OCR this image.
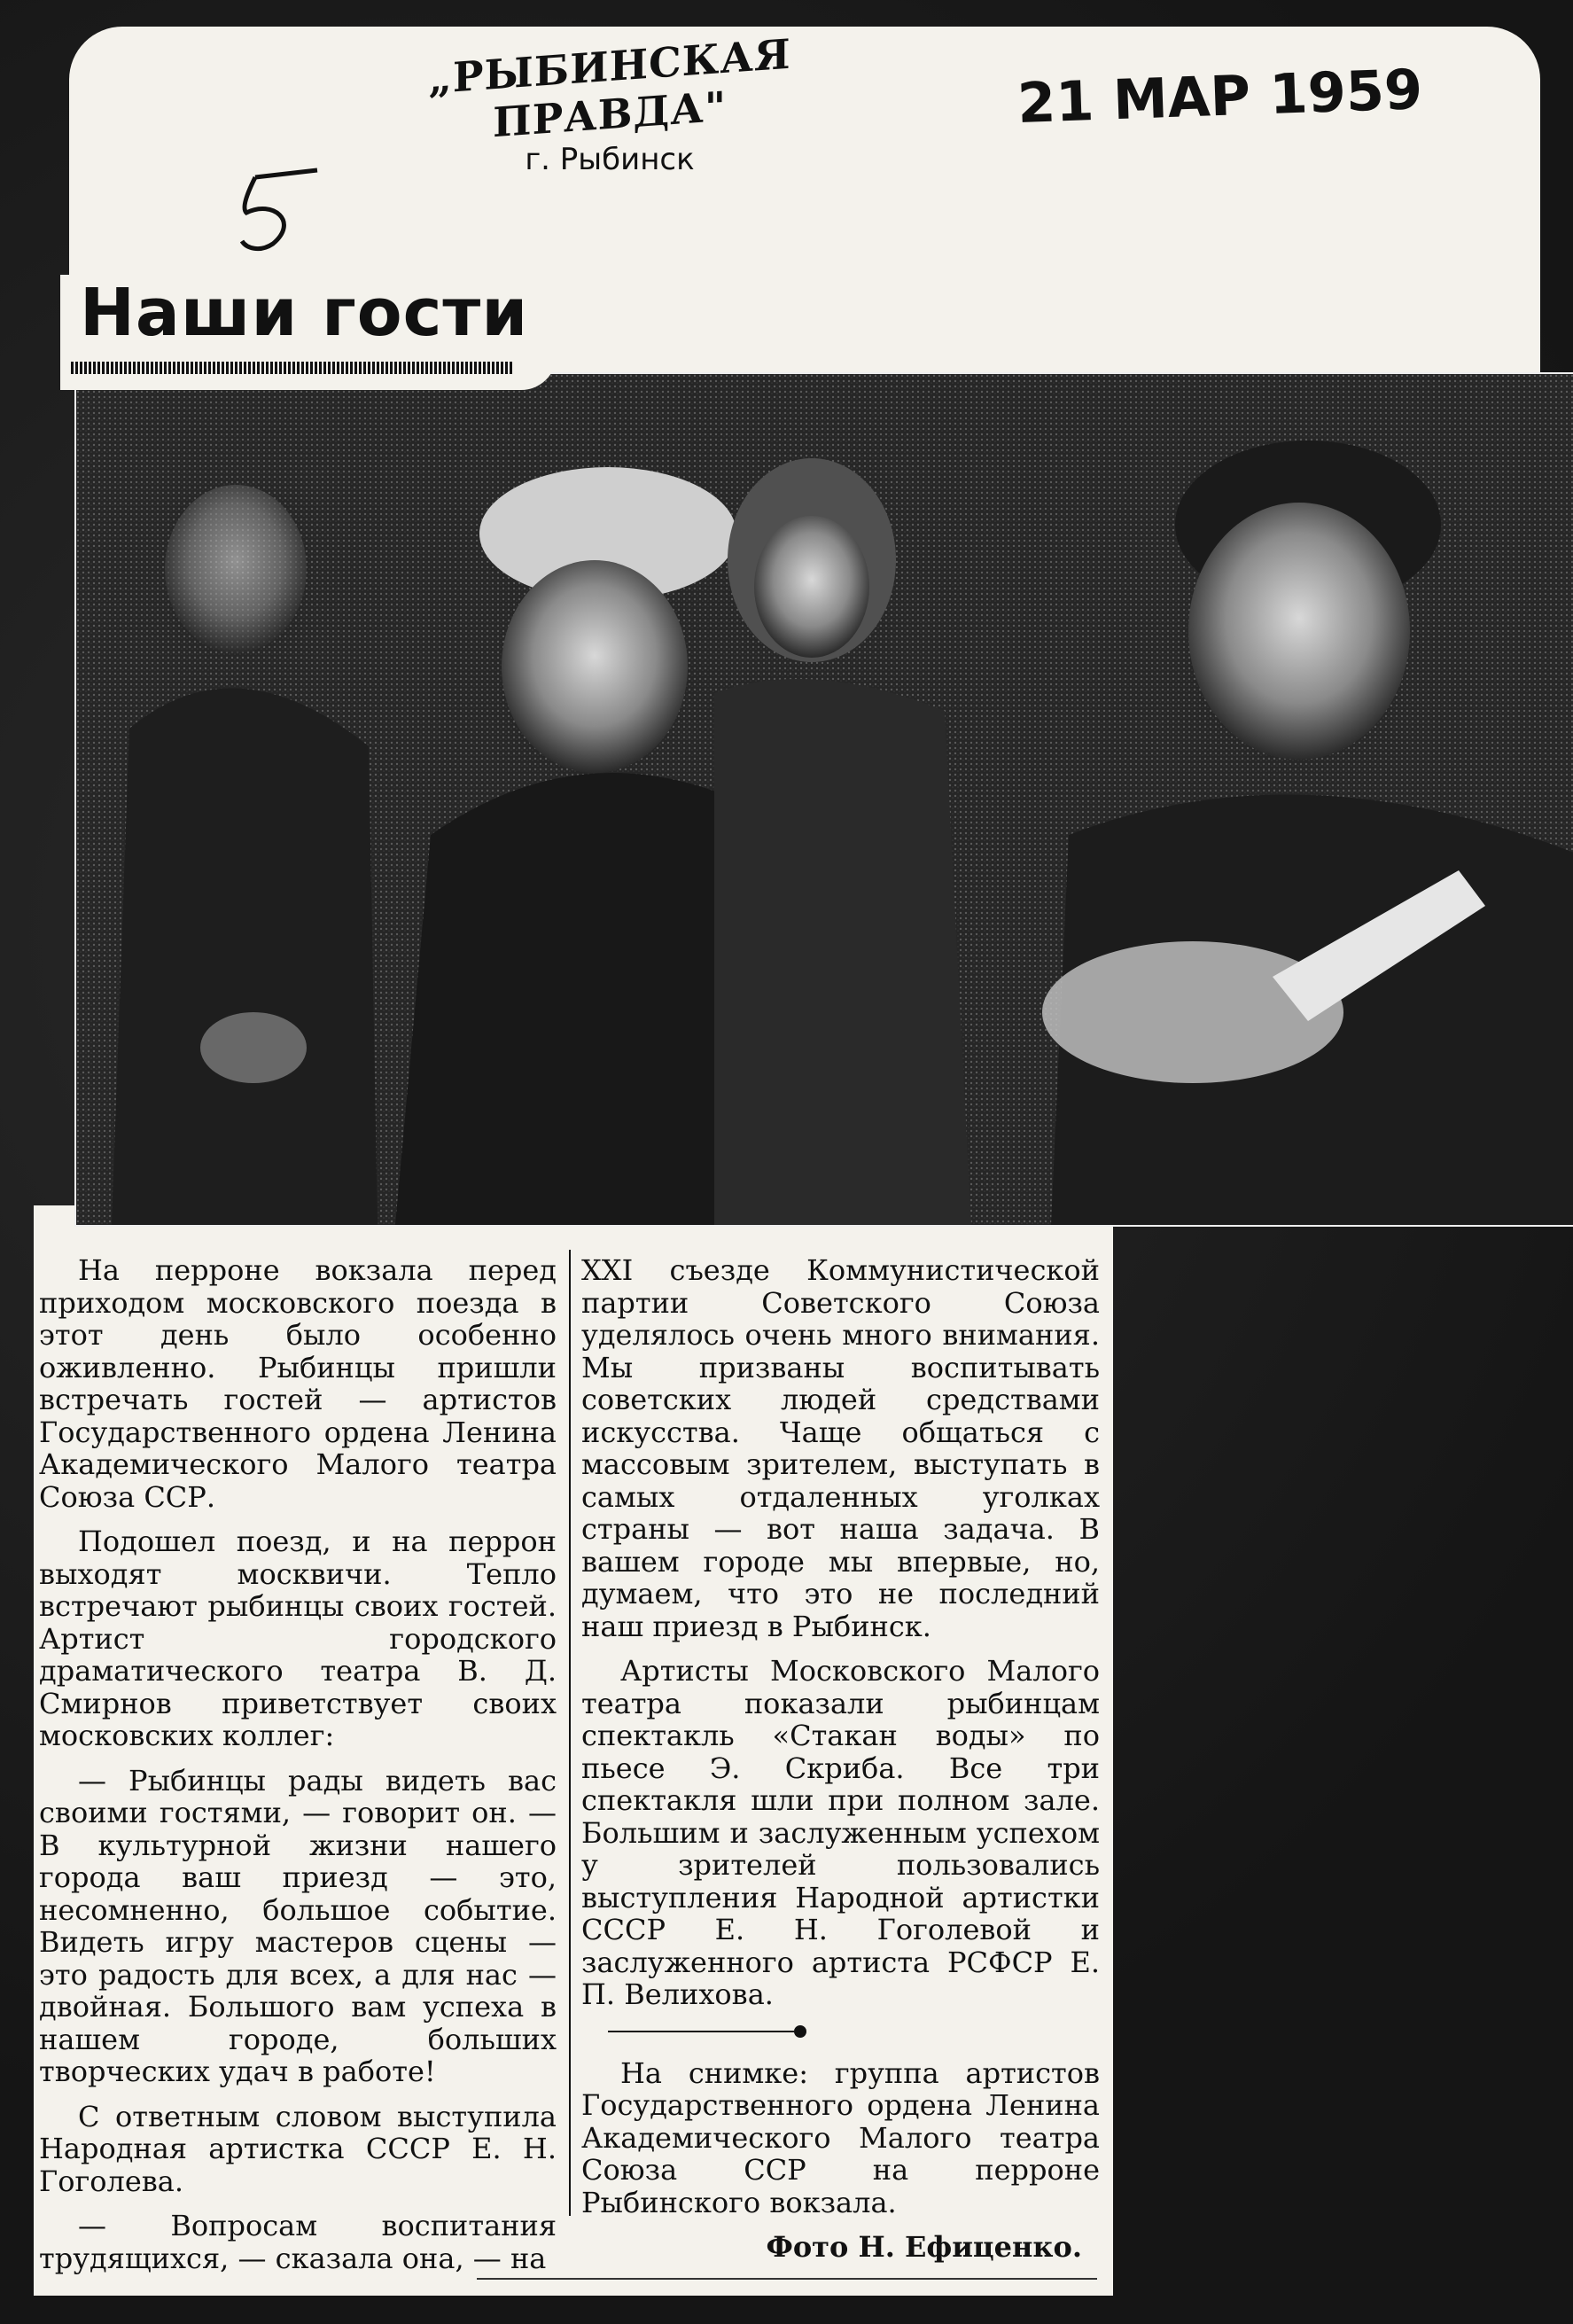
„РЫБИНСКАЯ ПРАВДА"
г. Рыбинск
21 МАР 1959
Наши гости

На перроне вокзала перед приходом московского поезда в этот день было особенно оживленно. Рыбинцы пришли встречать гостей — артистов Государственного ордена Ленина Академического Малого театра Союза ССР.

Подошел поезд, и на перрон выходят москвичи. Тепло встречают рыбинцы своих гостей. Артист городского драматического театра В. Д. Смирнов приветствует своих московских коллег:

— Рыбинцы рады видеть вас своими гостями, — говорит он. — В культурной жизни нашего города ваш приезд — это, несомненно, большое событие. Видеть игру мастеров сцены — это радость для всех, а для нас — двойная. Большого вам успеха в нашем городе, больших творческих удач в работе!

С ответным словом выступила Народная артистка СССР Е. Н. Гоголева.

— Вопросам воспитания трудящихся, — сказала она, — на

XXI съезде Коммунистической партии Советского Союза уделялось очень много внимания. Мы призваны воспитывать советских людей средствами искусства. Чаще общаться с массовым зрителем, выступать в самых отдаленных уголках страны — вот наша задача. В вашем городе мы впервые, но, думаем, что это не последний наш приезд в Рыбинск.

Артисты Московского Малого театра показали рыбинцам спектакль «Стакан воды» по пьесе Э. Скриба. Все три спектакля шли при полном зале. Большим и заслуженным успехом у зрителей пользовались выступления Народной артистки СССР Е. Н. Гоголевой и заслуженного артиста РСФСР Е. П. Велихова.

На снимке: группа артистов Государственного ордена Ленина Академического Малого театра Союза ССР на перроне Рыбинского вокзала.

Фото Н. Ефиценко.
